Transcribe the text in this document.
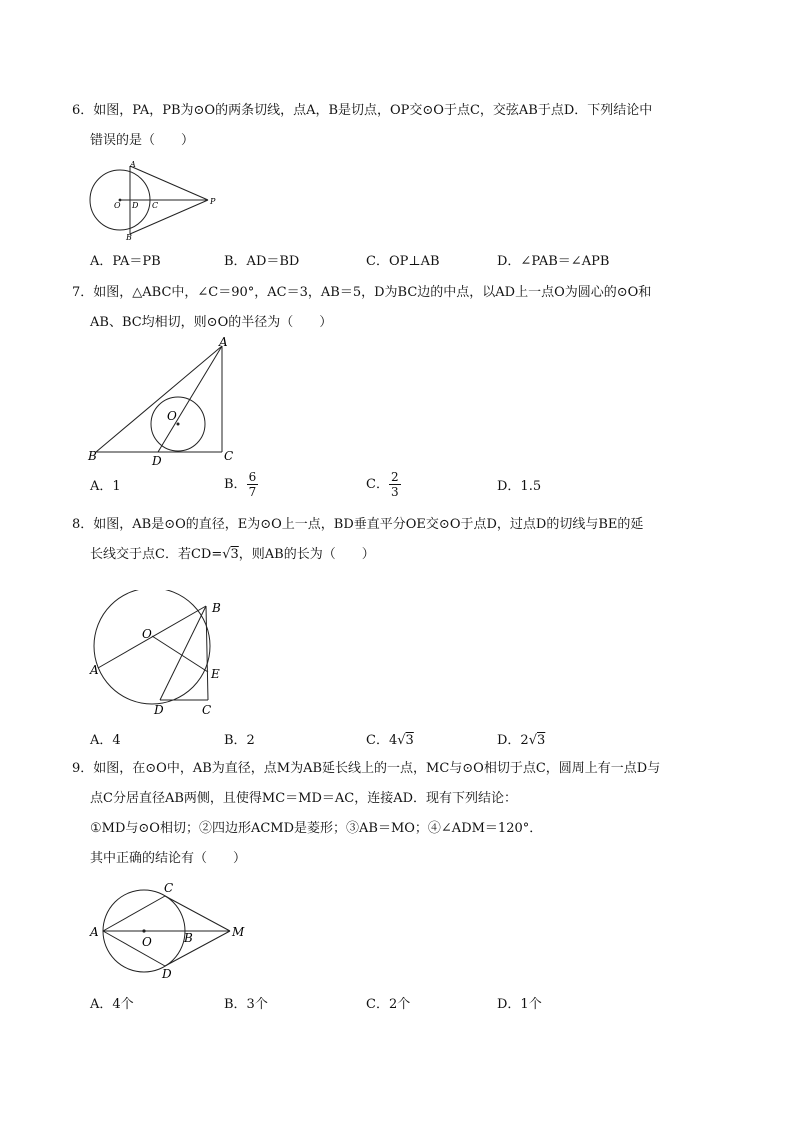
6．如图，PA，PB为⊙O的两条切线，点A，B是切点，OP交⊙O于点C，交弦AB于点D．下列结论中
错误的是（　　）
A
B
O D C	P
A．PA＝PB	B．AD＝BD	C．OP⊥AB	D．∠PAB＝∠APB
7．如图，△ABC中，∠C＝90°，AC＝3，AB＝5，D为BC边的中点，以AD上一点O为圆心的⊙O和
AB、BC均相切，则⊙O的半径为（　　）
A
B	C
D
O
A．1	B． $\frac{6}{7}$	C． $\frac{2}{3}$	D．1.5
8．如图，AB是⊙O的直径，E为⊙O上一点，BD垂直平分OE交⊙O于点D，过点D的切线与BE的延
长线交于点C．若CD=√3，则AB的长为（　　）
B
O
A	E
D	C
A．4	B．2	C．4√3	D．2√3
9．如图，在⊙O中，AB为直径，点M为AB延长线上的一点，MC与⊙O相切于点C，圆周上有一点D与
点C分居直径AB两侧，且使得MC＝MD＝AC，连接AD．现有下列结论：
①MD与⊙O相切；②四边形ACMD是菱形；③AB＝MO；④∠ADM＝120°．
其中正确的结论有（　　）
A
O	B	M
C
D
A．4个	B．3个	C．2个	D．1个
